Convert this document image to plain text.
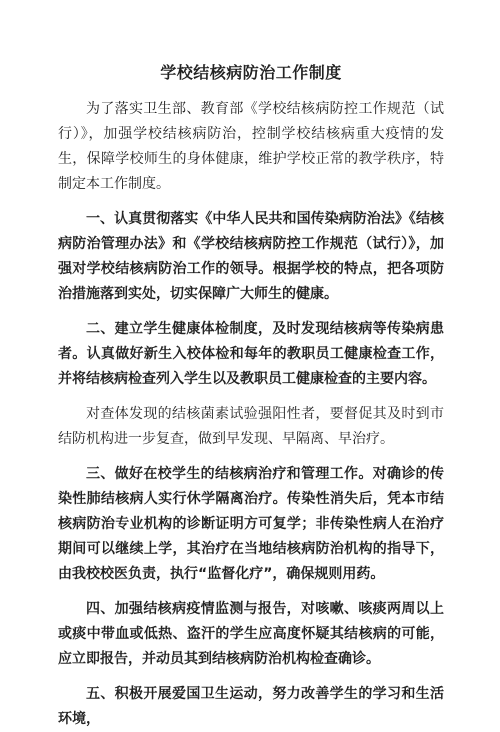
学校结核病防治工作制度

为了落实卫生部、教育部《学校结核病防控工作规范（试行）》，加强学校结核病防治，控制学校结核病重大疫情的发生，保障学校师生的身体健康，维护学校正常的教学秩序，特制定本工作制度。

一、认真贯彻落实《中华人民共和国传染病防治法》《结核病防治管理办法》和《学校结核病防控工作规范（试行）》，加强对学校结核病防治工作的领导。根据学校的特点，把各项防治措施落到实处，切实保障广大师生的健康。

二、建立学生健康体检制度，及时发现结核病等传染病患者。认真做好新生入校体检和每年的教职员工健康检查工作，并将结核病检查列入学生以及教职员工健康检查的主要内容。

对查体发现的结核菌素试验强阳性者，要督促其及时到市结防机构进一步复查，做到早发现、早隔离、早治疗。

三、做好在校学生的结核病治疗和管理工作。对确诊的传染性肺结核病人实行休学隔离治疗。传染性消失后，凭本市结核病防治专业机构的诊断证明方可复学；非传染性病人在治疗期间可以继续上学，其治疗在当地结核病防治机构的指导下，由我校校医负责，执行“监督化疗”，确保规则用药。

四、加强结核病疫情监测与报告，对咳嗽、咳痰两周以上或痰中带血或低热、盗汗的学生应高度怀疑其结核病的可能，应立即报告，并动员其到结核病防治机构检查确诊。

五、积极开展爱国卫生运动，努力改善学生的学习和生活环境，
